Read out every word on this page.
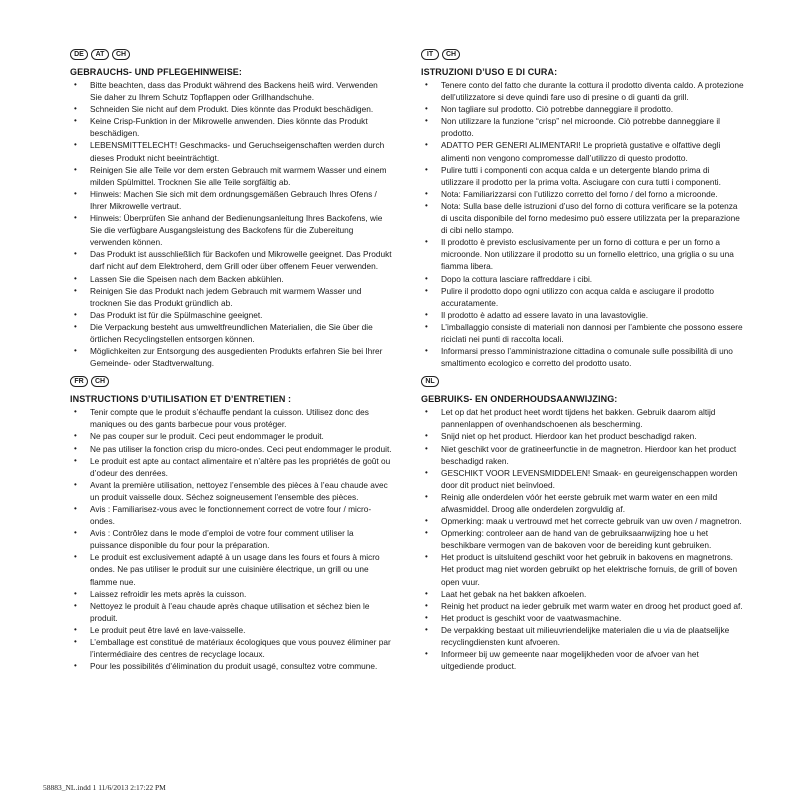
DE	AT	CH
GEBRAUCHS- UND PFLEGEHINWEISE:
• Bitte beachten, dass das Produkt während des Backens heiß wird. Verwenden Sie daher zu Ihrem Schutz Topflappen oder Grillhandschuhe.
• Schneiden Sie nicht auf dem Produkt. Dies könnte das Produkt beschädigen.
• Keine Crisp-Funktion in der Mikrowelle anwenden. Dies könnte das Produkt beschädigen.
• LEBENSMITTELECHT! Geschmacks- und Geruchseigenschaften werden durch dieses Produkt nicht beeinträchtigt.
• Reinigen Sie alle Teile vor dem ersten Gebrauch mit warmem Wasser und einem milden Spülmittel. Trocknen Sie alle Teile sorgfältig ab.
• Hinweis: Machen Sie sich mit dem ordnungsgemäßen Gebrauch Ihres Ofens / Ihrer Mikrowelle vertraut.
• Hinweis: Überprüfen Sie anhand der Bedienungsanleitung Ihres Backofens, wie Sie die verfügbare Ausgangsleistung des Backofens für die Zubereitung verwenden können.
• Das Produkt ist ausschließlich für Backofen und Mikrowelle geeignet. Das Produkt darf nicht auf dem Elektroherd, dem Grill oder über offenem Feuer verwenden.
• Lassen Sie die Speisen nach dem Backen abkühlen.
• Reinigen Sie das Produkt nach jedem Gebrauch mit warmem Wasser und trocknen Sie das Produkt gründlich ab.
• Das Produkt ist für die Spülmaschine geeignet.
• Die Verpackung besteht aus umweltfreundlichen Materialien, die Sie über die örtlichen Recyclingstellen entsorgen können.
• Möglichkeiten zur Entsorgung des ausgedienten Produkts erfahren Sie bei Ihrer Gemeinde- oder Stadtverwaltung.
FR	CH
INSTRUCTIONS D’UTILISATION ET D’ENTRETIEN :
• Tenir compte que le produit s’échauffe pendant la cuisson. Utilisez donc des maniques ou des gants barbecue pour vous protéger.
• Ne pas couper sur le produit. Ceci peut endommager le produit.
• Ne pas utiliser la fonction crisp du micro-ondes. Ceci peut endommager le produit.
• Le produit est apte au contact alimentaire et n’altère pas les propriétés de goût ou d’odeur des denrées.
• Avant la première utilisation, nettoyez l’ensemble des pièces à l’eau chaude avec un produit vaisselle doux. Séchez soigneusement l’ensemble des pièces.
• Avis : Familiarisez-vous avec le fonctionnement correct de votre four / micro-ondes.
• Avis : Contrôlez dans le mode d’emploi de votre four comment utiliser la puissance disponible du four pour la préparation.
• Le produit est exclusivement adapté à un usage dans les fours et fours à micro ondes. Ne pas utiliser le produit sur une cuisinière électrique, un grill ou une flamme nue.
• Laissez refroidir les mets après la cuisson.
• Nettoyez le produit à l’eau chaude après chaque utilisation et séchez bien le produit.
• Le produit peut être lavé en lave-vaisselle.
• L’emballage est constitué de matériaux écologiques que vous pouvez éliminer par l’intermédiaire des centres de recyclage locaux.
• Pour les possibilités d’élimination du produit usagé, consultez votre commune.
IT	CH
ISTRUZIONI D’USO E DI CURA:
• Tenere conto del fatto che durante la cottura il prodotto diventa caldo. A protezione dell’utilizzatore si deve quindi fare uso di presine o di guanti da grill.
• Non tagliare sul prodotto. Ciò potrebbe danneggiare il prodotto.
• Non utilizzare la funzione “crisp” nel microonde. Ciò potrebbe danneggiare il prodotto.
• ADATTO PER GENERI ALIMENTARI! Le proprietà gustative e olfattive degli alimenti non vengono compromesse dall’utilizzo di questo prodotto.
• Pulire tutti i componenti con acqua calda e un detergente blando prima di utilizzare il prodotto per la prima volta. Asciugare con cura tutti i componenti.
• Nota: Familiarizzarsi con l’utilizzo corretto del forno / del forno a microonde.
• Nota: Sulla base delle istruzioni d’uso del forno di cottura verificare se la potenza di uscita disponibile del forno medesimo può essere utilizzata per la preparazione di cibi nello stampo.
• Il prodotto è previsto esclusivamente per un forno di cottura e per un forno a microonde. Non utilizzare il prodotto su un fornello elettrico, una griglia o su una fiamma libera.
• Dopo la cottura lasciare raffreddare i cibi.
• Pulire il prodotto dopo ogni utilizzo con acqua calda e asciugare il prodotto accuratamente.
• Il prodotto è adatto ad essere lavato in una lavastoviglie.
• L’imballaggio consiste di materiali non dannosi per l’ambiente che possono essere riciclati nei punti di raccolta locali.
• Informarsi presso l’amministrazione cittadina o comunale sulle possibilità di uno smaltimento ecologico e corretto del prodotto usato.
NL
GEBRUIKS- EN ONDERHOUDSAANWIJZING:
• Let op dat het product heet wordt tijdens het bakken. Gebruik daarom altijd pannenlappen of ovenhandschoenen als bescherming.
• Snijd niet op het product. Hierdoor kan het product beschadigd raken.
• Niet geschikt voor de gratineerfunctie in de magnetron. Hierdoor kan het product beschadigd raken.
• GESCHIKT VOOR LEVENSMIDDELEN! Smaak- en geureigenschappen worden door dit product niet beïnvloed.
• Reinig alle onderdelen vóór het eerste gebruik met warm water en een mild afwasmiddel. Droog alle onderdelen zorgvuldig af.
• Opmerking: maak u vertrouwd met het correcte gebruik van uw oven / magnetron.
• Opmerking: controleer aan de hand van de gebruiksaanwijzing hoe u het beschikbare vermogen van de bakoven voor de bereiding kunt gebruiken.
• Het product is uitsluitend geschikt voor het gebruik in bakovens en magnetrons. Het product mag niet worden gebruikt op het elektrische fornuis, de grill of boven open vuur.
• Laat het gebak na het bakken afkoelen.
• Reinig het product na ieder gebruik met warm water en droog het product goed af.
• Het product is geschikt voor de vaatwasmachine.
• De verpakking bestaat uit milieuvriendelijke materialen die u via de plaatselijke recyclingdiensten kunt afvoeren.
• Informeer bij uw gemeente naar mogelijkheden voor de afvoer van het uitgediende product.
58883_NL.indd 1 11/6/2013 2:17:22 PM
